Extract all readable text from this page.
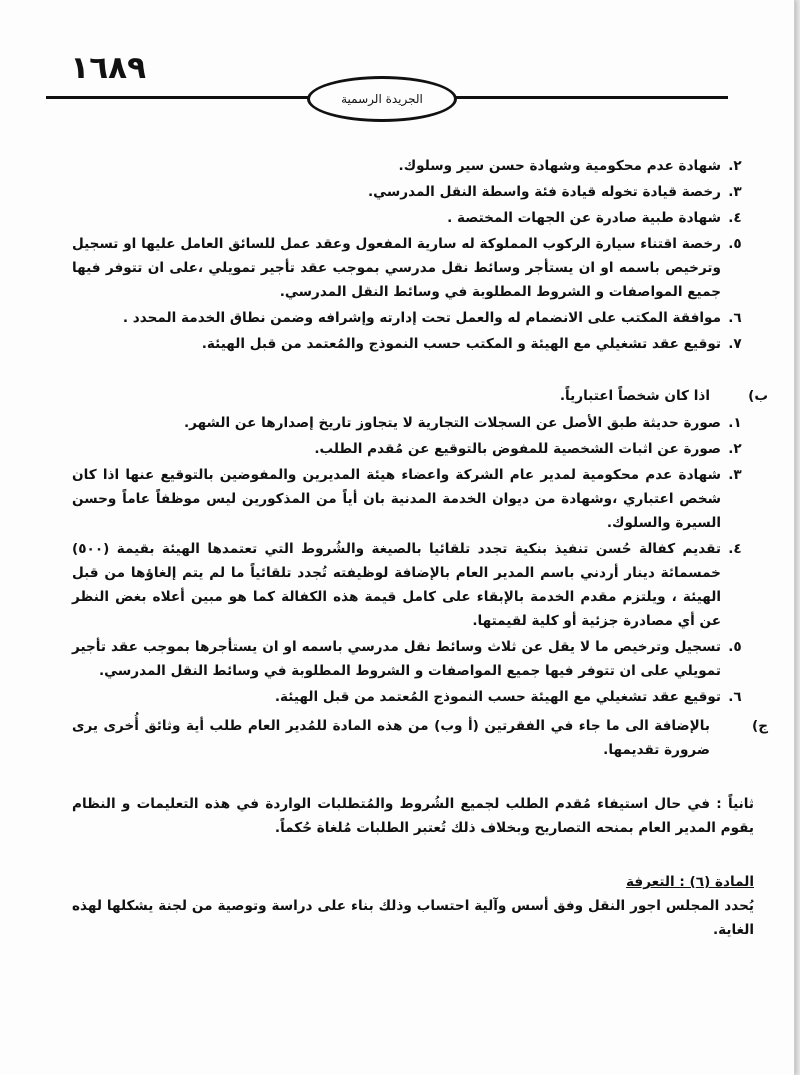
١٦٨٩
الجريدة الرسمية
٢.
شهادة عدم محكومية وشهادة حسن سير وسلوك.
٣.
رخصة قيادة تخوله قيادة فئة واسطة النقل المدرسي.
٤.
شهادة طبية صادرة عن الجهات المختصة .
٥.
رخصة اقتناء سيارة الركوب المملوكة له سارية المفعول وعقد عمل للسائق العامل عليها او تسجيل وترخيص باسمه او ان يستأجر وسائط نقل مدرسي بموجب عقد تأجير تمويلي ،على ان تتوفر فيها جميع المواصفات و الشروط المطلوبة في وسائط النقل المدرسي.
٦.
موافقة المكتب على الانضمام له والعمل تحت إدارته وإشرافه وضمن نطاق الخدمة المحدد .
٧.
توقيع عقد تشغيلي مع الهيئة و المكتب حسب النموذج والمُعتمد من قبل الهيئة.
ب)
اذا كان شخصاً اعتبارياً.
١.
صورة حديثة طبق الأصل عن السجلات التجارية لا يتجاوز تاريخ إصدارها عن الشهر.
٢.
صورة عن اثبات الشخصية للمفوض بالتوقيع عن مُقدم الطلب.
٣.
شهادة عدم محكومية لمدير عام الشركة واعضاء هيئة المديرين والمفوضين بالتوقيع عنها اذا كان شخص اعتباري ،وشهادة من ديوان الخدمة المدنية بان أياً من المذكورين ليس موظفاً عاماً وحسن السيرة والسلوك.
٤.
تقديم كفالة حُسن تنفيذ بنكية تجدد تلقائيا بالصيغة والشُروط التي تعتمدها الهيئة بقيمة (٥٠٠) خمسمائة دينار أردني باسم المدير العام بالإضافة لوظيفته تُجدد تلقائياً ما لم يتم إلغاؤها من قبل الهيئة ، ويلتزم مقدم الخدمة بالإبقاء على كامل قيمة هذه الكفالة كما هو مبين أعلاه بغض النظر عن أي مصادرة جزئية أو كلية لقيمتها.
٥.
تسجيل وترخيص ما لا يقل عن ثلاث وسائط نقل مدرسي باسمه او ان يستأجرها بموجب عقد تأجير تمويلي على ان تتوفر فيها جميع المواصفات و الشروط المطلوبة في وسائط النقل المدرسي.
٦.
توقيع عقد تشغيلي مع الهيئة حسب النموذج المُعتمد من قبل الهيئة.
ج)
بالإضافة الى ما جاء في الفقرتين (أ وب) من هذه المادة للمُدير العام طلب أية وثائق أُخرى يرى ضرورة تقديمها.
ثانياً : في حال استيفاء مُقدم الطلب لجميع الشُروط والمُتطلبات الواردة في هذه التعليمات و النظام يقوم المدير العام بمنحه التصاريح وبخلاف ذلك تُعتبر الطلبات مُلغاة حُكماً.
المادة (٦) : التعرفة
يُحدد المجلس اجور النقل وفق أسس وآلية احتساب وذلك بناء على دراسة وتوصية من لجنة يشكلها لهذه الغاية.
